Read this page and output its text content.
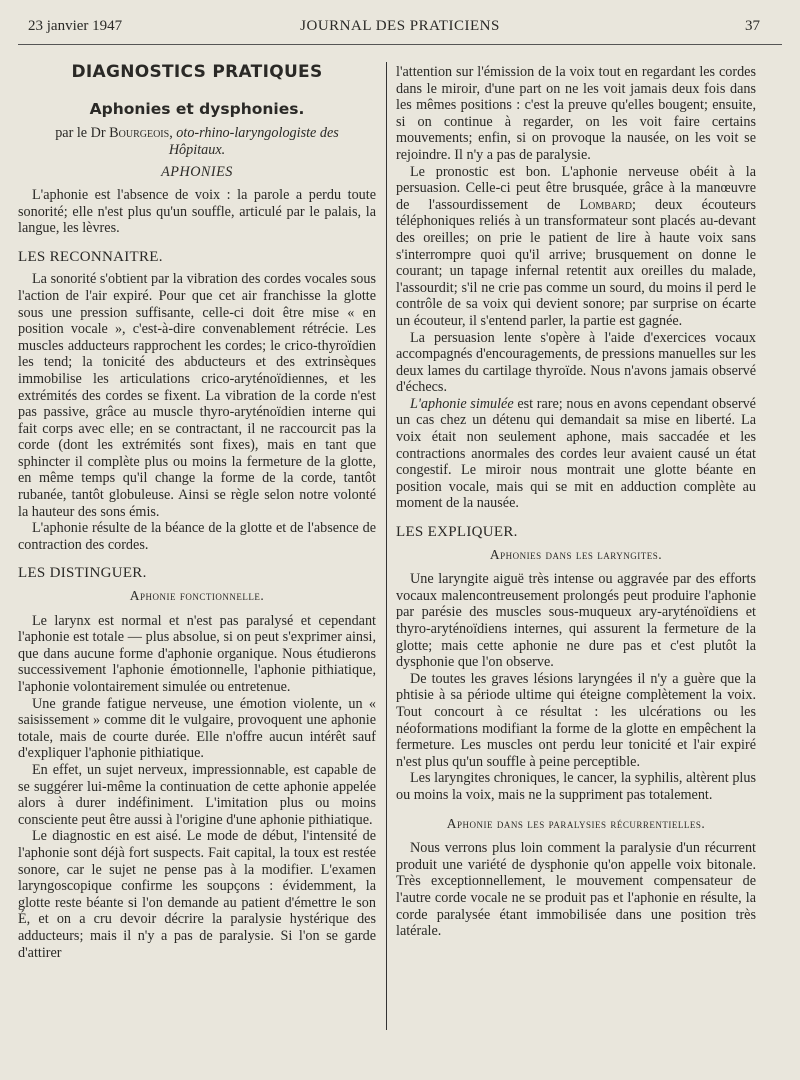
23 janvier 1947	JOURNAL DES PRATICIENS	37
DIAGNOSTICS PRATIQUES
Aphonies et dysphonies.
par le Dr Bourgeois, oto-rhino-laryngologiste des Hôpitaux.
APHONIES

L'aphonie est l'absence de voix : la parole a perdu toute sonorité; elle n'est plus qu'un souffle, articulé par le palais, la langue, les lèvres.

LES RECONNAITRE.

La sonorité s'obtient par la vibration des cordes vocales sous l'action de l'air expiré. Pour que cet air franchisse la glotte sous une pression suffisante, celle-ci doit être mise « en position vocale », c'est-à-dire convenablement rétrécie. Les muscles adducteurs rapprochent les cordes; le crico-thyroïdien les tend; la tonicité des abducteurs et des extrinsèques immobilise les articulations crico-aryténoïdiennes, et les extrémités des cordes se fixent. La vibration de la corde n'est pas passive, grâce au muscle thyro-aryténoïdien interne qui fait corps avec elle; en se contractant, il ne raccourcit pas la corde (dont les extrémités sont fixes), mais en tant que sphincter il complète plus ou moins la fermeture de la glotte, en même temps qu'il change la forme de la corde, tantôt rubanée, tantôt globuleuse. Ainsi se règle selon notre volonté la hauteur des sons émis.

L'aphonie résulte de la béance de la glotte et de l'absence de contraction des cordes.

LES DISTINGUER.
Aphonie fonctionnelle.

Le larynx est normal et n'est pas paralysé et cependant l'aphonie est totale — plus absolue, si on peut s'exprimer ainsi, que dans aucune forme d'aphonie organique. Nous étudierons successivement l'aphonie émotionnelle, l'aphonie pithiatique, l'aphonie volontairement simulée ou entretenue.

Une grande fatigue nerveuse, une émotion violente, un « saisissement » comme dit le vulgaire, provoquent une aphonie totale, mais de courte durée. Elle n'offre aucun intérêt sauf d'expliquer l'aphonie pithiatique.

En effet, un sujet nerveux, impressionnable, est capable de se suggérer lui-même la continuation de cette aphonie appelée alors à durer indéfiniment. L'imitation plus ou moins consciente peut être aussi à l'origine d'une aphonie pithiatique.

Le diagnostic en est aisé. Le mode de début, l'intensité de l'aphonie sont déjà fort suspects. Fait capital, la toux est restée sonore, car le sujet ne pense pas à la modifier. L'examen laryngoscopique confirme les soupçons : évidemment, la glotte reste béante si l'on demande au patient d'émettre le son É, et on a cru devoir décrire la paralysie hystérique des adducteurs; mais il n'y a pas de paralysie. Si l'on se garde d'attirer

l'attention sur l'émission de la voix tout en regardant les cordes dans le miroir, d'une part on ne les voit jamais deux fois dans les mêmes positions : c'est la preuve qu'elles bougent; ensuite, si on continue à regarder, on les voit faire certains mouvements; enfin, si on provoque la nausée, on les voit se rejoindre. Il n'y a pas de paralysie.

Le pronostic est bon. L'aphonie nerveuse obéit à la persuasion. Celle-ci peut être brusquée, grâce à la manœuvre de l'assourdissement de Lombard; deux écouteurs téléphoniques reliés à un transformateur sont placés au-devant des oreilles; on prie le patient de lire à haute voix sans s'interrompre quoi qu'il arrive; brusquement on donne le courant; un tapage infernal retentit aux oreilles du malade, l'assourdit; s'il ne crie pas comme un sourd, du moins il perd le contrôle de sa voix qui devient sonore; par surprise on écarte un écouteur, il s'entend parler, la partie est gagnée.

La persuasion lente s'opère à l'aide d'exercices vocaux accompagnés d'encouragements, de pressions manuelles sur les deux lames du cartilage thyroïde. Nous n'avons jamais observé d'échecs.

L'aphonie simulée est rare; nous en avons cependant observé un cas chez un détenu qui demandait sa mise en liberté. La voix était non seulement aphone, mais saccadée et les contractions anormales des cordes leur avaient causé un état congestif. Le miroir nous montrait une glotte béante en position vocale, mais qui se mit en adduction complète au moment de la nausée.

LES EXPLIQUER.
Aphonies dans les laryngites.

Une laryngite aiguë très intense ou aggravée par des efforts vocaux malencontreusement prolongés peut produire l'aphonie par parésie des muscles sous-muqueux ary-aryténoïdiens et thyro-aryténoïdiens internes, qui assurent la fermeture de la glotte; mais cette aphonie ne dure pas et c'est plutôt la dysphonie que l'on observe.

De toutes les graves lésions laryngées il n'y a guère que la phtisie à sa période ultime qui éteigne complètement la voix. Tout concourt à ce résultat : les ulcérations ou les néoformations modifiant la forme de la glotte en empêchent la fermeture. Les muscles ont perdu leur tonicité et l'air expiré n'est plus qu'un souffle à peine perceptible.

Les laryngites chroniques, le cancer, la syphilis, altèrent plus ou moins la voix, mais ne la suppriment pas totalement.

Aphonie dans les paralysies récurrentielles.

Nous verrons plus loin comment la paralysie d'un récurrent produit une variété de dysphonie qu'on appelle voix bitonale. Très exceptionnellement, le mouvement compensateur de l'autre corde vocale ne se produit pas et l'aphonie en résulte, la corde paralysée étant immobilisée dans une position très latérale.
